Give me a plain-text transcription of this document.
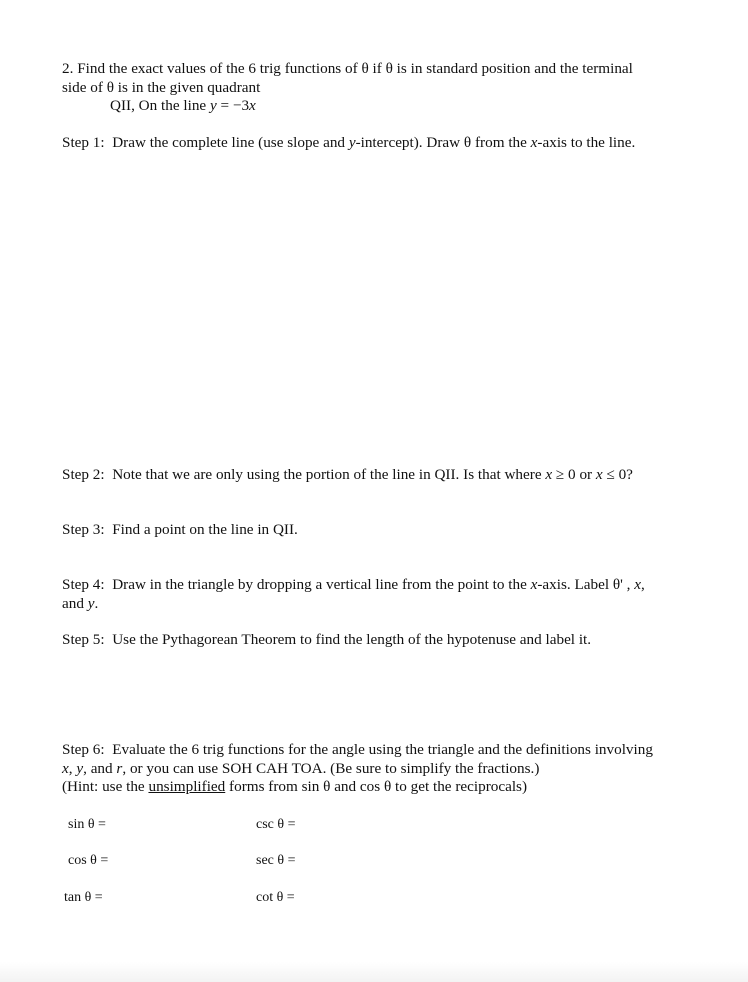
2. Find the exact values of the 6 trig functions of θ if θ is in standard position and the terminal
side of θ is in the given quadrant
QII, On the line y = −3x
Step 1: Draw the complete line (use slope and y-intercept). Draw θ from the x-axis to the line.
Step 2: Note that we are only using the portion of the line in QII. Is that where x ≥ 0 or x ≤ 0?
Step 3: Find a point on the line in QII.
Step 4: Draw in the triangle by dropping a vertical line from the point to the x-axis. Label θ' , x,
and y.
Step 5: Use the Pythagorean Theorem to find the length of the hypotenuse and label it.
Step 6: Evaluate the 6 trig functions for the angle using the triangle and the definitions involving
x, y, and r, or you can use SOH CAH TOA. (Be sure to simplify the fractions.)
(Hint: use the unsimplified forms from sin θ and cos θ to get the reciprocals)
sin θ =	csc θ =
cos θ =	sec θ =
tan θ =	cot θ =
